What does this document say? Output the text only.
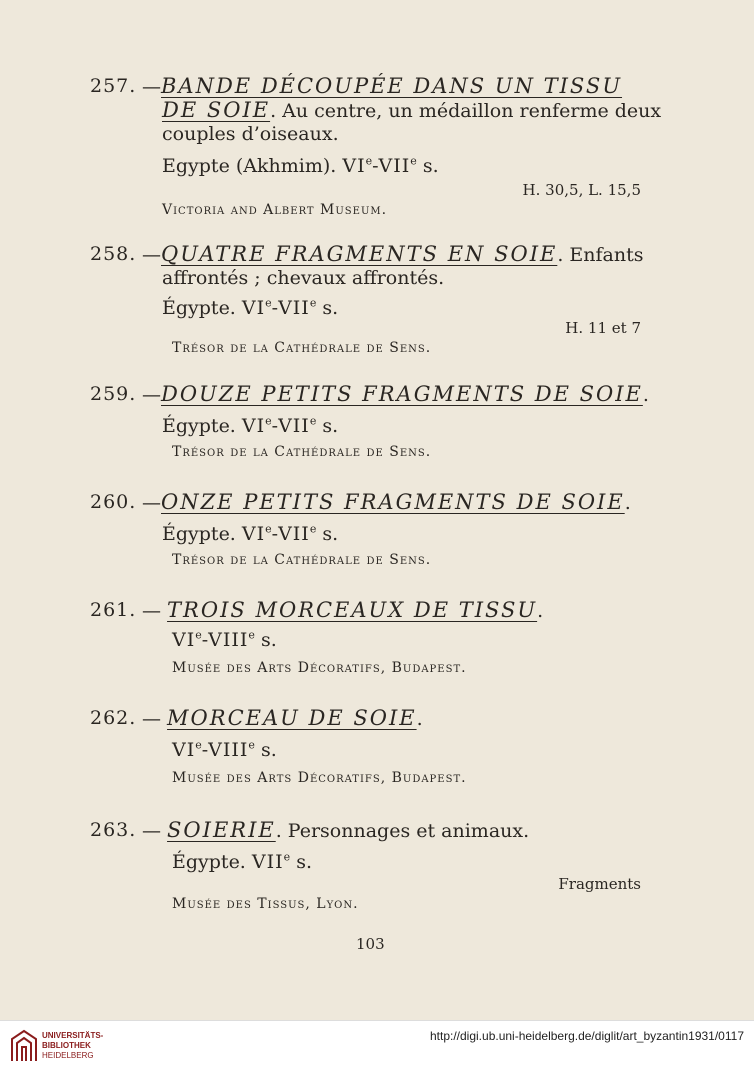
257. —BANDE DÉCOUPÉE DANS UN TISSU
DE SOIE. Au centre, un médaillon renferme deux
couples d’oiseaux.
Egypte (Akhmim). VIe-VIIe s.
H. 30,5, L. 15,5
Victoria and Albert Museum.
258. —QUATRE FRAGMENTS EN SOIE. Enfants
affrontés ; chevaux affrontés.
Égypte. VIe-VIIe s.
H. 11 et 7
Trésor de la Cathédrale de Sens.
259. —DOUZE PETITS FRAGMENTS DE SOIE.
Égypte. VIe-VIIe s.
Trésor de la Cathédrale de Sens.
260. —ONZE PETITS FRAGMENTS DE SOIE.
Égypte. VIe-VIIe s.
Trésor de la Cathédrale de Sens.
261. — TROIS MORCEAUX DE TISSU.
VIe-VIIIe s.
Musée des Arts Décoratifs, Budapest.
262. — MORCEAU DE SOIE.
VIe-VIIIe s.
Musée des Arts Décoratifs, Budapest.
263. — SOIERIE. Personnages et animaux.
Égypte. VIIe s.
Fragments
Musée des Tissus, Lyon.
103
UNIVERSITÄTS-
BIBLIOTHEK
HEIDELBERG
http://digi.ub.uni-heidelberg.de/diglit/art_byzantin1931/0117
